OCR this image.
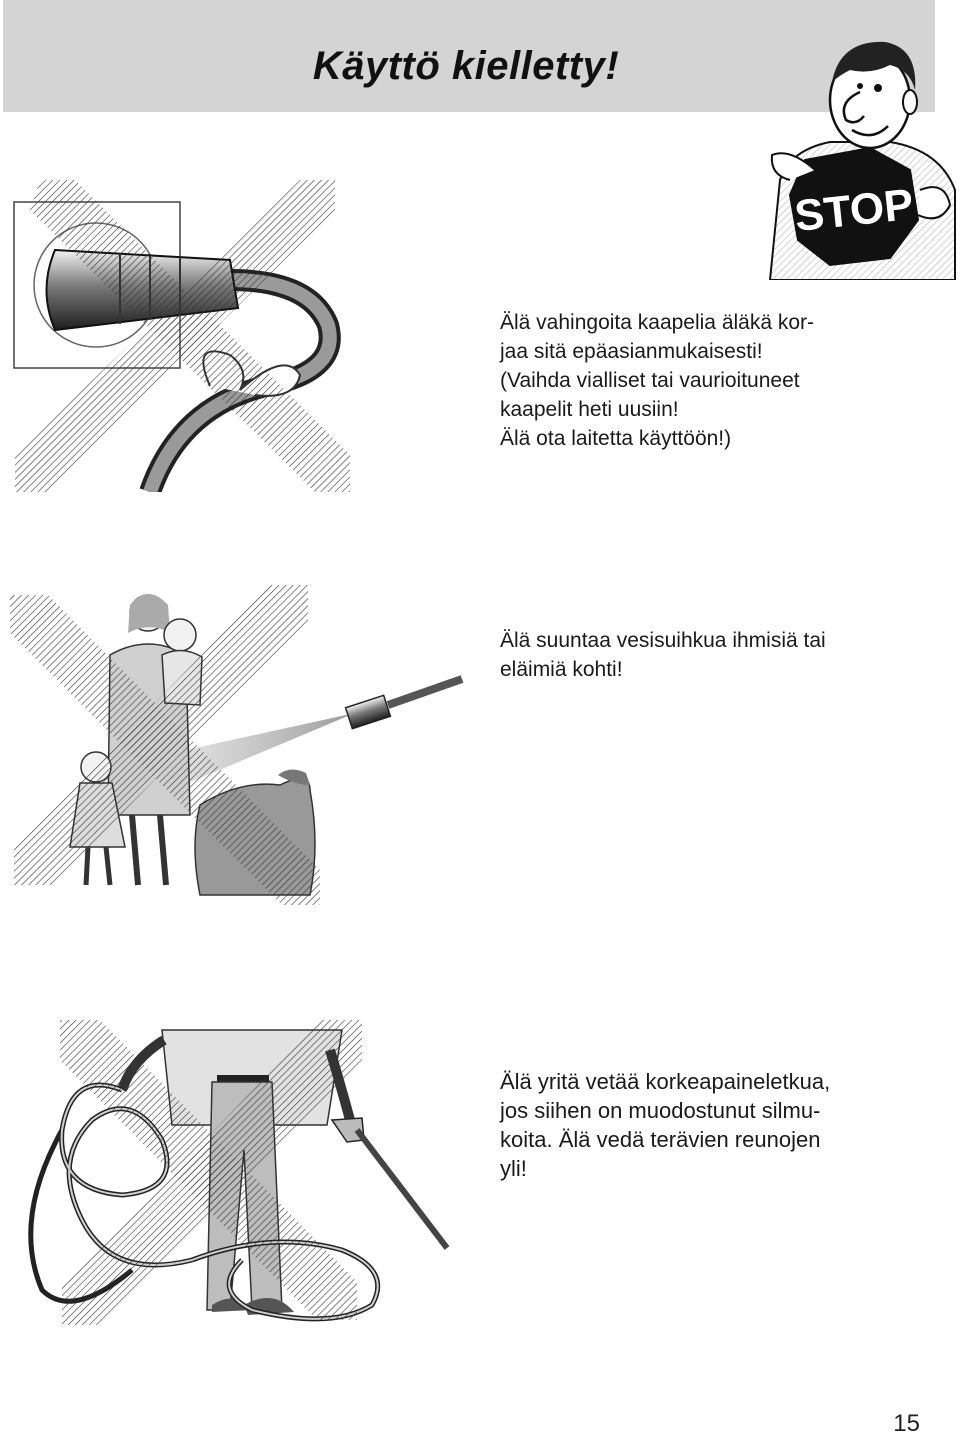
Käyttö kielletty!
STOP
Älä vahingoita kaapelia äläkä kor-
jaa sitä epäasianmukaisesti!
(Vaihda vialliset tai vaurioituneet
kaapelit heti uusiin!
Älä ota laitetta käyttöön!)
Älä suuntaa vesisuihkua ihmisiä tai
eläimiä kohti!
Älä yritä vetää korkeapaineletkua,
jos siihen on muodostunut silmu-
koita. Älä vedä terävien reunojen
yli!
15
